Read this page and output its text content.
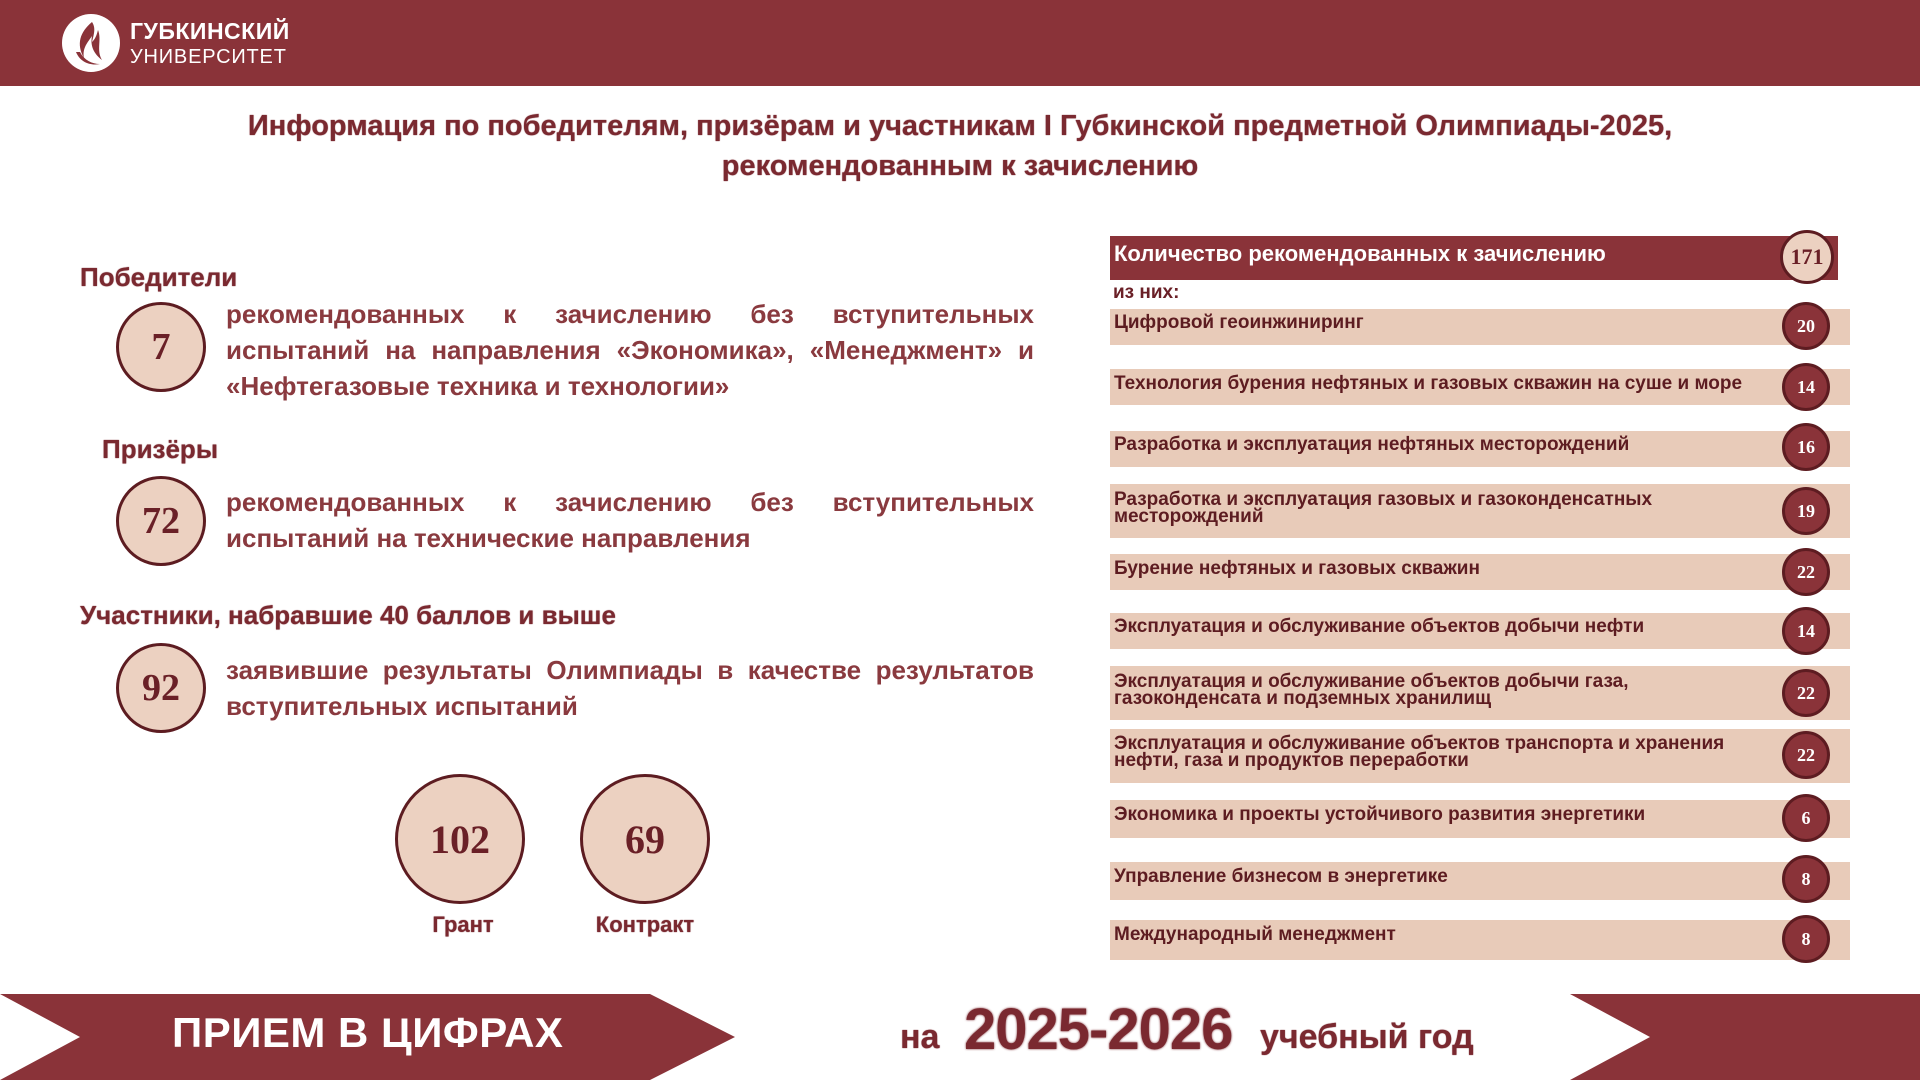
ГУБКИНСКИЙ
УНИВЕРСИТЕТ
Информация по победителям, призёрам и участникам I Губкинской предметной Олимпиады-2025,
рекомендованным к зачислению
Победители
7
рекомендованных к зачислению без вступительных испытаний на направления «Экономика», «Менеджмент» и «Нефтегазовые техника и технологии»
Призёры
72	рекомендованных к зачислению без вступительных испытаний на технические направления
Участники, набравшие 40 баллов и выше
92	заявившие результаты Олимпиады в качестве результатов вступительных испытаний
102
Грант
69
Контракт
Количество рекомендованных к зачислению	171
из них:
Цифровой геоинжиниринг	20
Технология бурения нефтяных и газовых скважин на суше и море	14
Разработка и эксплуатация нефтяных месторождений	16
Разработка и эксплуатация газовых и газоконденсатных месторождений	19
Бурение нефтяных и газовых скважин	22
Эксплуатация и обслуживание объектов добычи нефти	14
Эксплуатация и обслуживание объектов добычи газа, газоконденсата и подземных хранилищ	22
Эксплуатация и обслуживание объектов транспорта и хранения нефти, газа и продуктов переработки	22
Экономика и проекты устойчивого развития энергетики	6
Управление бизнесом в энергетике	8
Международный менеджмент	8
ПРИЕМ В ЦИФРАХ	на 2025-2026 учебный год
